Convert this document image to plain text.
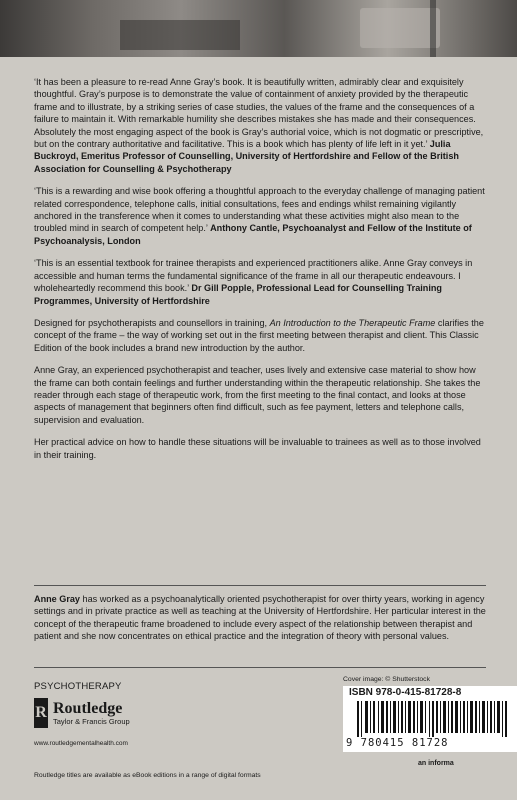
‘It has been a pleasure to re-read Anne Gray’s book. It is beautifully written, admirably clear and exquisitely thoughtful. Gray’s purpose is to demonstrate the value of containment of anxiety provided by the therapeutic frame and to illustrate, by a striking series of case studies, the values of the frame and the consequences of a failure to maintain it. With remarkable humility she describes mistakes she has made and their consequences. Absolutely the most engaging aspect of the book is Gray’s authorial voice, which is not dogmatic or prescriptive, but on the contrary authoritative and facilitative. This is a book which has plenty of life left in it yet.’ Julia Buckroyd, Emeritus Professor of Counselling, University of Hertfordshire and Fellow of the British Association for Counselling & Psychotherapy

‘This is a rewarding and wise book offering a thoughtful approach to the everyday challenge of managing patient related correspondence, telephone calls, initial consultations, fees and endings whilst remaining vigilantly anchored in the transference when it comes to understanding what these activities might also mean to the troubled mind in search of competent help.’ Anthony Cantle, Psychoanalyst and Fellow of the Institute of Psychoanalysis, London

‘This is an essential textbook for trainee therapists and experienced practitioners alike. Anne Gray conveys in accessible and human terms the fundamental significance of the frame in all our therapeutic endeavours. I wholeheartedly recommend this book.’ Dr Gill Popple, Professional Lead for Counselling Training Programmes, University of Hertfordshire

Designed for psychotherapists and counsellors in training, An Introduction to the Therapeutic Frame clarifies the concept of the frame – the way of working set out in the first meeting between therapist and client. This Classic Edition of the book includes a brand new introduction by the author.

Anne Gray, an experienced psychotherapist and teacher, uses lively and extensive case material to show how the frame can both contain feelings and further understanding within the therapeutic relationship. She takes the reader through each stage of therapeutic work, from the first meeting to the final contact, and looks at those aspects of management that beginners often find difficult, such as fee payment, letters and telephone calls, supervision and evaluation.

Her practical advice on how to handle these situations will be invaluable to trainees as well as to those involved in their training.

Anne Gray has worked as a psychoanalytically oriented psychotherapist for over thirty years, working in agency settings and in private practice as well as teaching at the University of Hertfordshire. Her particular interest in the concept of the therapeutic frame broadened to include every aspect of the relationship between therapist and patient and she now concentrates on ethical practice and the integration of theory with personal values.

PSYCHOTHERAPY
R Routledge
Taylor & Francis Group
www.routledgementalhealth.com
Cover image: © Shutterstock
ISBN 978-0-415-81728-8
9 780415 81728
an informa
Routledge titles are available as eBook editions in a range of digital formats
